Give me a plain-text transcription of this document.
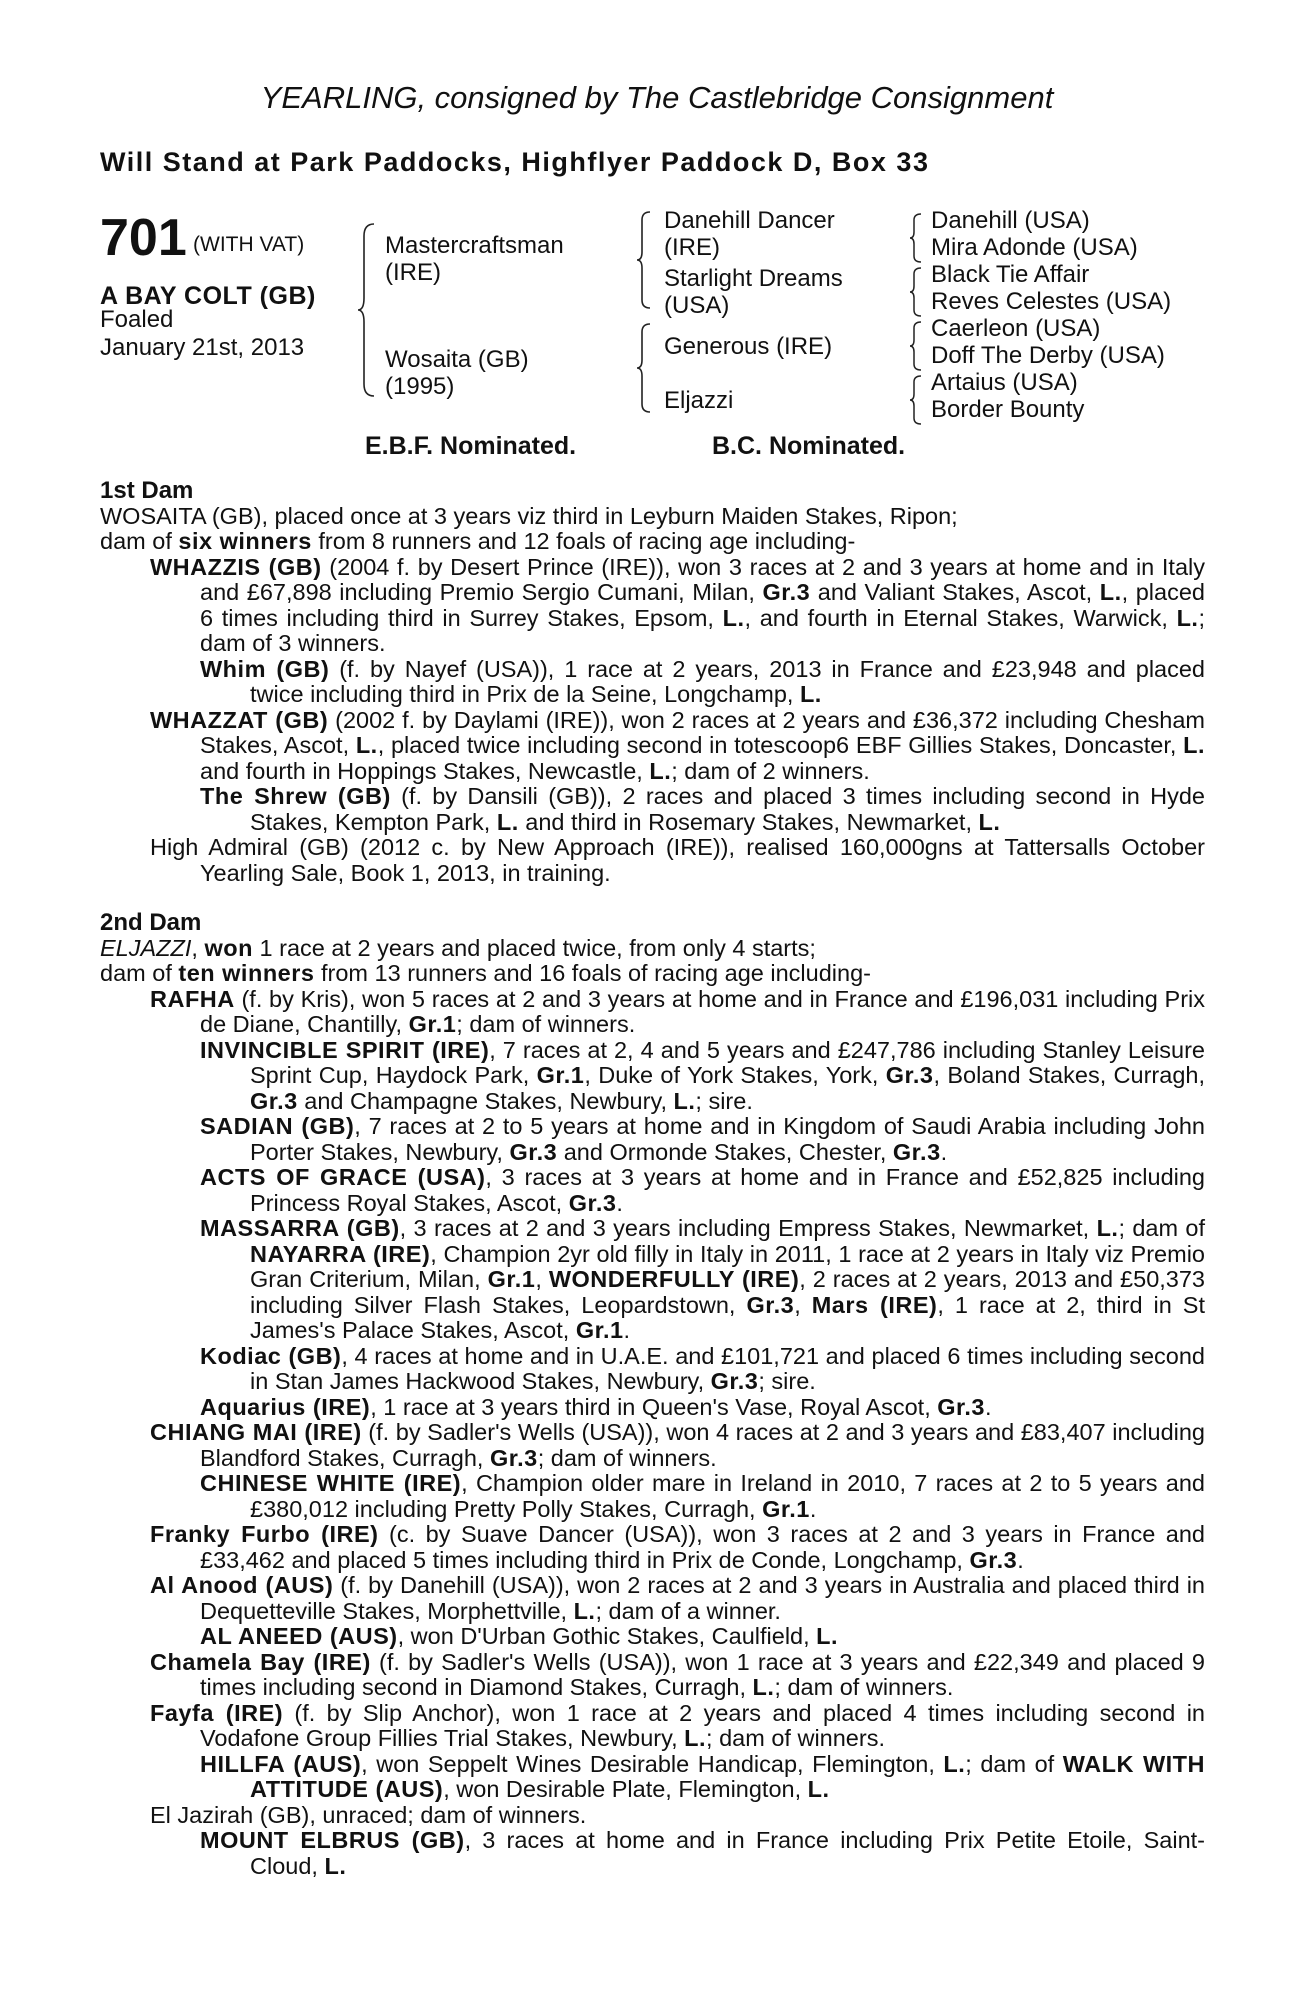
YEARLING, consigned by The Castlebridge Consignment
Will Stand at Park Paddocks, Highflyer Paddock D, Box 33
701 (WITH VAT)
A BAY COLT (GB)
Foaled
January 21st, 2013
Mastercraftsman
(IRE)
Wosaita (GB)
(1995)
Danehill Dancer
(IRE)
Starlight Dreams
(USA)
Generous (IRE)
Eljazzi
Danehill (USA)
Mira Adonde (USA)
Black Tie Affair
Reves Celestes (USA)
Caerleon (USA)
Doff The Derby (USA)
Artaius (USA)
Border Bounty
E.B.F. Nominated.	B.C. Nominated.
1st Dam
WOSAITA (GB), placed once at 3 years viz third in Leyburn Maiden Stakes, Ripon;
dam of six winners from 8 runners and 12 foals of racing age including-
WHAZZIS (GB) (2004 f. by Desert Prince (IRE)), won 3 races at 2 and 3 years at home and in Italy and £67,898 including Premio Sergio Cumani, Milan, Gr.3 and Valiant Stakes, Ascot, L., placed 6 times including third in Surrey Stakes, Epsom, L., and fourth in Eternal Stakes, Warwick, L.; dam of 3 winners.
Whim (GB) (f. by Nayef (USA)), 1 race at 2 years, 2013 in France and £23,948 and placed twice including third in Prix de la Seine, Longchamp, L.
WHAZZAT (GB) (2002 f. by Daylami (IRE)), won 2 races at 2 years and £36,372 including Chesham Stakes, Ascot, L., placed twice including second in totescoop6 EBF Gillies Stakes, Doncaster, L. and fourth in Hoppings Stakes, Newcastle, L.; dam of 2 winners.
The Shrew (GB) (f. by Dansili (GB)), 2 races and placed 3 times including second in Hyde Stakes, Kempton Park, L. and third in Rosemary Stakes, Newmarket, L.
High Admiral (GB) (2012 c. by New Approach (IRE)), realised 160,000gns at Tattersalls October Yearling Sale, Book 1, 2013, in training.
2nd Dam
ELJAZZI, won 1 race at 2 years and placed twice, from only 4 starts;
dam of ten winners from 13 runners and 16 foals of racing age including-
RAFHA (f. by Kris), won 5 races at 2 and 3 years at home and in France and £196,031 including Prix de Diane, Chantilly, Gr.1; dam of winners.
INVINCIBLE SPIRIT (IRE), 7 races at 2, 4 and 5 years and £247,786 including Stanley Leisure Sprint Cup, Haydock Park, Gr.1, Duke of York Stakes, York, Gr.3, Boland Stakes, Curragh, Gr.3 and Champagne Stakes, Newbury, L.; sire.
SADIAN (GB), 7 races at 2 to 5 years at home and in Kingdom of Saudi Arabia including John Porter Stakes, Newbury, Gr.3 and Ormonde Stakes, Chester, Gr.3.
ACTS OF GRACE (USA), 3 races at 3 years at home and in France and £52,825 including Princess Royal Stakes, Ascot, Gr.3.
MASSARRA (GB), 3 races at 2 and 3 years including Empress Stakes, Newmarket, L.; dam of NAYARRA (IRE), Champion 2yr old filly in Italy in 2011, 1 race at 2 years in Italy viz Premio Gran Criterium, Milan, Gr.1, WONDERFULLY (IRE), 2 races at 2 years, 2013 and £50,373 including Silver Flash Stakes, Leopardstown, Gr.3, Mars (IRE), 1 race at 2, third in St James's Palace Stakes, Ascot, Gr.1.
Kodiac (GB), 4 races at home and in U.A.E. and £101,721 and placed 6 times including second in Stan James Hackwood Stakes, Newbury, Gr.3; sire.
Aquarius (IRE), 1 race at 3 years third in Queen's Vase, Royal Ascot, Gr.3.
CHIANG MAI (IRE) (f. by Sadler's Wells (USA)), won 4 races at 2 and 3 years and £83,407 including Blandford Stakes, Curragh, Gr.3; dam of winners.
CHINESE WHITE (IRE), Champion older mare in Ireland in 2010, 7 races at 2 to 5 years and £380,012 including Pretty Polly Stakes, Curragh, Gr.1.
Franky Furbo (IRE) (c. by Suave Dancer (USA)), won 3 races at 2 and 3 years in France and £33,462 and placed 5 times including third in Prix de Conde, Longchamp, Gr.3.
Al Anood (AUS) (f. by Danehill (USA)), won 2 races at 2 and 3 years in Australia and placed third in Dequetteville Stakes, Morphettville, L.; dam of a winner.
AL ANEED (AUS), won D'Urban Gothic Stakes, Caulfield, L.
Chamela Bay (IRE) (f. by Sadler's Wells (USA)), won 1 race at 3 years and £22,349 and placed 9 times including second in Diamond Stakes, Curragh, L.; dam of winners.
Fayfa (IRE) (f. by Slip Anchor), won 1 race at 2 years and placed 4 times including second in Vodafone Group Fillies Trial Stakes, Newbury, L.; dam of winners.
HILLFA (AUS), won Seppelt Wines Desirable Handicap, Flemington, L.; dam of WALK WITH ATTITUDE (AUS), won Desirable Plate, Flemington, L.
El Jazirah (GB), unraced; dam of winners.
MOUNT ELBRUS (GB), 3 races at home and in France including Prix Petite Etoile, Saint-Cloud, L.
